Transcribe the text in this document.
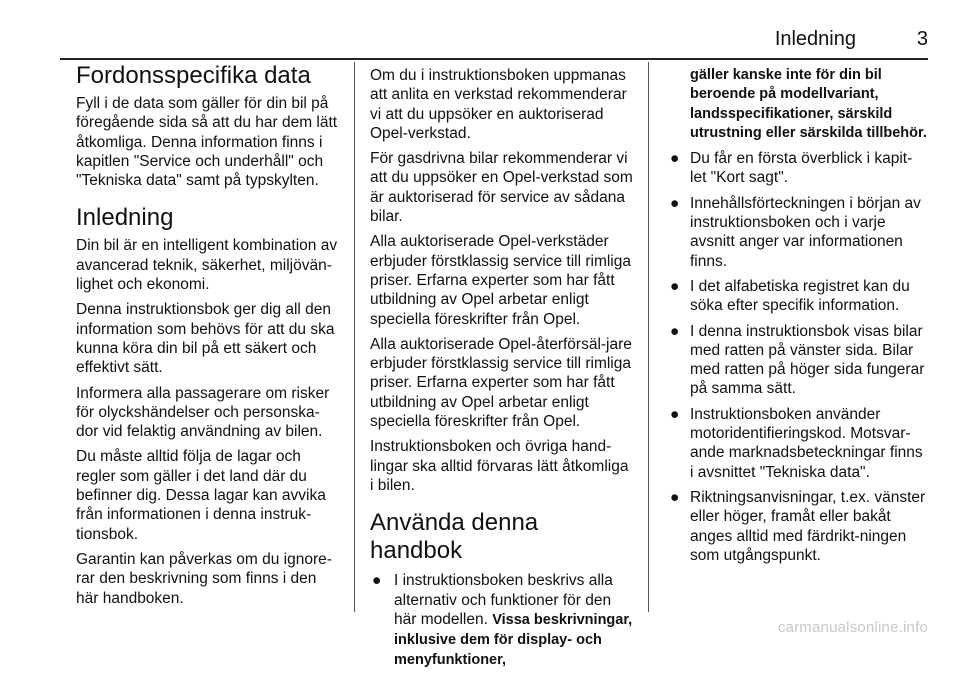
Inledning	3
Fordonsspecifika data

Fyll i de data som gäller för din bil på föregående sida så att du har dem lätt åtkomliga. Denna information finns i kapitlen "Service och underhåll" och "Tekniska data" samt på typskylten.

Inledning

Din bil är en intelligent kombination av avancerad teknik, säkerhet, miljövän-lighet och ekonomi.

Denna instruktionsbok ger dig all den information som behövs för att du ska kunna köra din bil på ett säkert och effektivt sätt.

Informera alla passagerare om risker för olyckshändelser och personska-dor vid felaktig användning av bilen.

Du måste alltid följa de lagar och regler som gäller i det land där du befinner dig. Dessa lagar kan avvika från informationen i denna instruk-tionsbok.

Garantin kan påverkas om du ignore-rar den beskrivning som finns i den här handboken.

Om du i instruktionsboken uppmanas att anlita en verkstad rekommenderar vi att du uppsöker en auktoriserad Opel-verkstad.

För gasdrivna bilar rekommenderar vi att du uppsöker en Opel-verkstad som är auktoriserad för service av sådana bilar.

Alla auktoriserade Opel-verkstäder erbjuder förstklassig service till rimliga priser. Erfarna experter som har fått utbildning av Opel arbetar enligt speciella föreskrifter från Opel.

Alla auktoriserade Opel-återförsäl-jare erbjuder förstklassig service till rimliga priser. Erfarna experter som har fått utbildning av Opel arbetar enligt speciella föreskrifter från Opel.

Instruktionsboken och övriga hand-lingar ska alltid förvaras lätt åtkomliga i bilen.

Använda denna handbok
● I instruktionsboken beskrivs alla alternativ och funktioner för den här modellen. Vissa beskrivningar, inklusive dem för display- och menyfunktioner,

gäller kanske inte för din bil beroende på modellvariant, landsspecifikationer, särskild utrustning eller särskilda tillbehör.

● Du får en första överblick i kapit-let "Kort sagt".
● Innehållsförteckningen i början av instruktionsboken och i varje avsnitt anger var informationen finns.
● I det alfabetiska registret kan du söka efter specifik information.
● I denna instruktionsbok visas bilar med ratten på vänster sida. Bilar med ratten på höger sida fungerar på samma sätt.
● Instruktionsboken använder motoridentifieringskod. Motsvar-ande marknadsbeteckningar finns i avsnittet "Tekniska data".
● Riktningsanvisningar, t.ex. vänster eller höger, framåt eller bakåt anges alltid med färdrikt-ningen som utgångspunkt.
carmanualsonline.info
